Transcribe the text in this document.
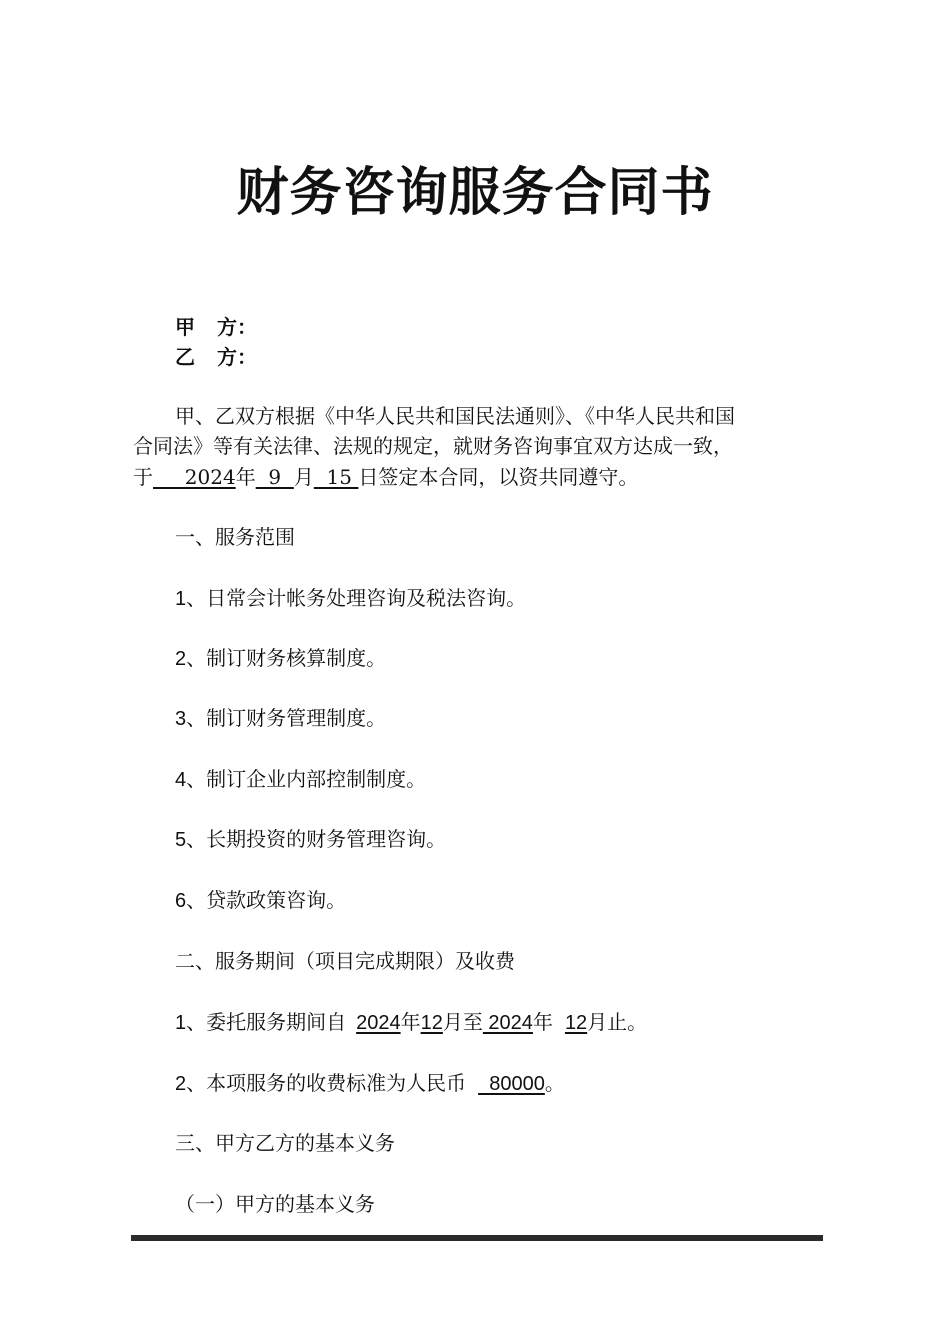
财务咨询服务合同书
甲 方：
乙 方：
甲、乙双方根据《中华人民共和国民法通则》、《中华人民共和国
合同法》等有关法律、法规的规定，就财务咨询事宜双方达成一致，
于     2024年  9  月  15 日签定本合同，以资共同遵守。
一、服务范围
1、日常会计帐务处理咨询及税法咨询。
2、制订财务核算制度。
3、制订财务管理制度。
4、制订企业内部控制制度。
5、长期投资的财务管理咨询。
6、贷款政策咨询。
二、服务期间（项目完成期限）及收费
1、委托服务期间自 2024年12月至 2024年 12月止。
2、本项服务的收费标准为人民币  80000。
三、甲方乙方的基本义务
（一）甲方的基本义务
